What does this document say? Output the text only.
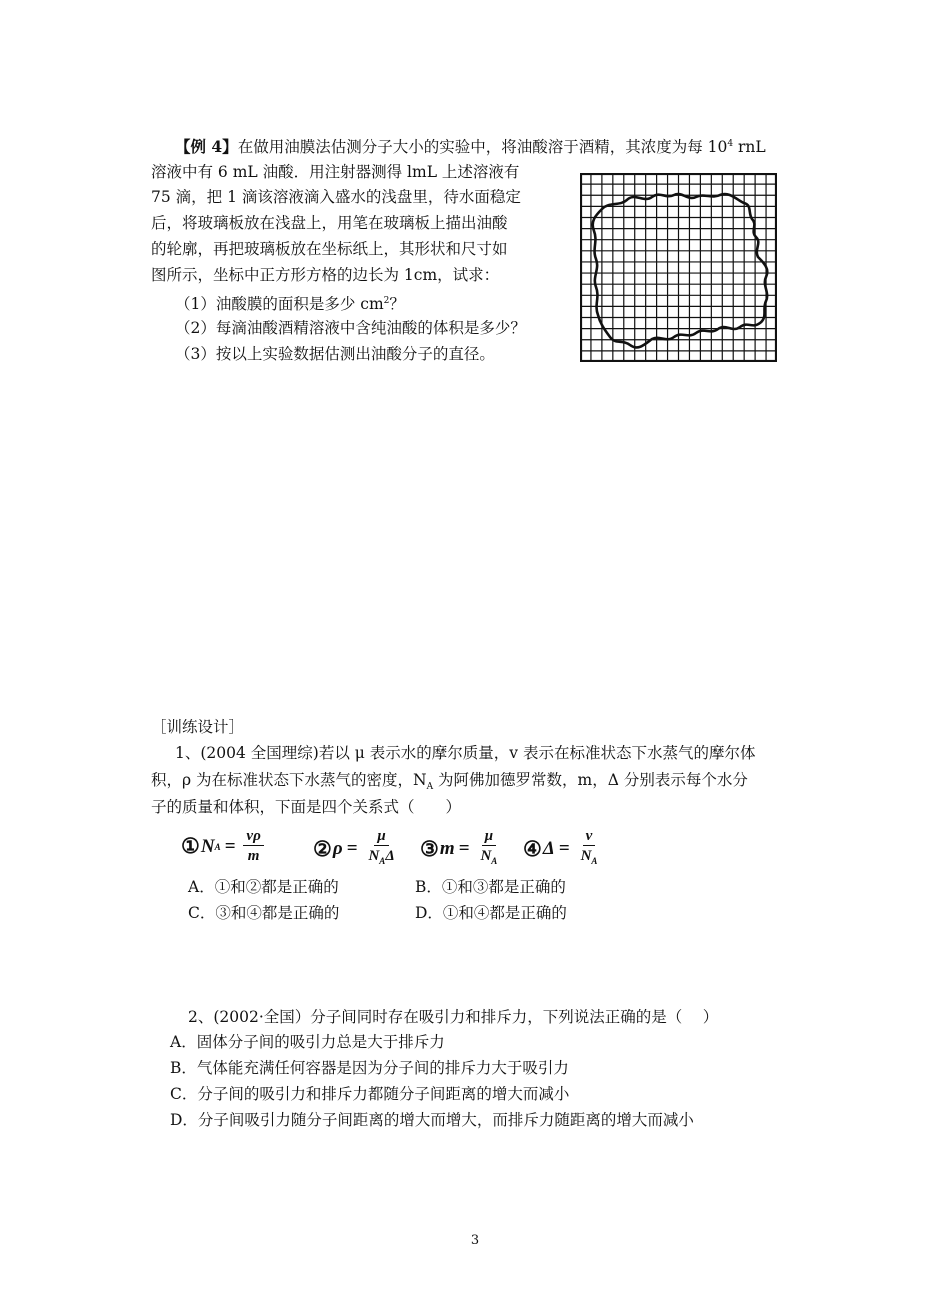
【例 4】在做用油膜法估测分子大小的实验中，将油酸溶于酒精，其浓度为每 $10^4$ rnL
溶液中有 6 mL 油酸．用注射器测得 lmL 上述溶液有
75 滴，把 1 滴该溶液滴入盛水的浅盘里，待水面稳定
后，将玻璃板放在浅盘上，用笔在玻璃板上描出油酸
的轮廓，再把玻璃板放在坐标纸上，其形状和尺寸如
图所示，坐标中正方形方格的边长为 1cm，试求：
（1）油酸膜的面积是多少 $cm^2$？
（2）每滴油酸酒精溶液中含纯油酸的体积是多少？
（3）按以上实验数据估测出油酸分子的直径。
［训练设计］
1、(2004 全国理综)若以 μ 表示水的摩尔质量，v 表示在标准状态下水蒸气的摩尔体
积，ρ 为在标准状态下水蒸气的密度，$N_A$ 为阿佛加德罗常数，m，Δ 分别表示每个水分
子的质量和体积，下面是四个关系式（　　）
① N $A = \frac{v\rho}{m}$ ② $\rho = \frac{\mu}{N_A\Delta}$ ③ $m = \frac{\mu}{N_A}$ ④ $\Delta = \frac{v}{N_A}$
A．①和②都是正确的	B．①和③都是正确的
C．③和④都是正确的	D．①和④都是正确的
2、(2002·全国）分子间同时存在吸引力和排斥力，下列说法正确的是（　 ）
A．固体分子间的吸引力总是大于排斥力
B．气体能充满任何容器是因为分子间的排斥力大于吸引力
C．分子间的吸引力和排斥力都随分子间距离的增大而减小
D．分子间吸引力随分子间距离的增大而增大，而排斥力随距离的增大而减小
3
